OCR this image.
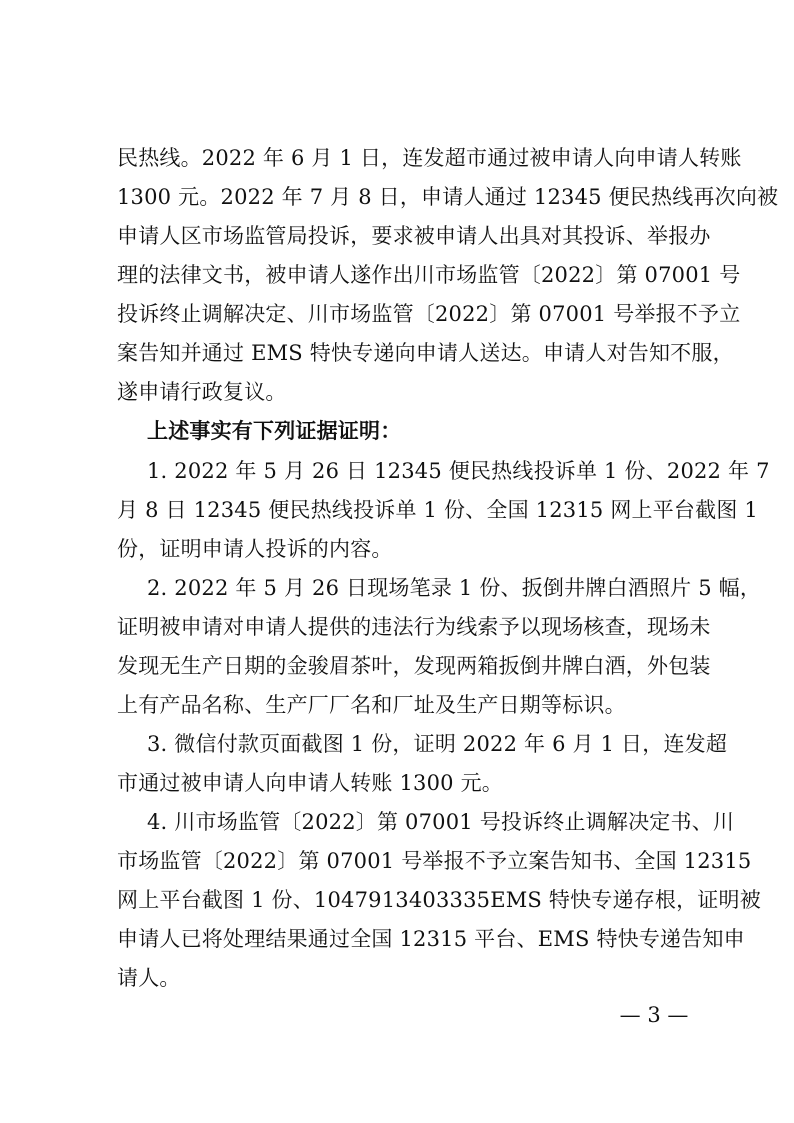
民热线。2022 年 6 月 1 日，连发超市通过被申请人向申请人转账
1300 元。2022 年 7 月 8 日，申请人通过 12345 便民热线再次向被
申请人区市场监管局投诉，要求被申请人出具对其投诉、举报办
理的法律文书，被申请人遂作出川市场监管〔2022〕第 07001 号
投诉终止调解决定、川市场监管〔2022〕第 07001 号举报不予立
案告知并通过 EMS 特快专递向申请人送达。申请人对告知不服，
遂申请行政复议。
上述事实有下列证据证明：
1. 2022 年 5 月 26 日 12345 便民热线投诉单 1 份、2022 年 7
月 8 日 12345 便民热线投诉单 1 份、全国 12315 网上平台截图 1
份，证明申请人投诉的内容。
2. 2022 年 5 月 26 日现场笔录 1 份、扳倒井牌白酒照片 5 幅，
证明被申请对申请人提供的违法行为线索予以现场核查，现场未
发现无生产日期的金骏眉茶叶，发现两箱扳倒井牌白酒，外包装
上有产品名称、生产厂厂名和厂址及生产日期等标识。
3. 微信付款页面截图 1 份，证明 2022 年 6 月 1 日，连发超
市通过被申请人向申请人转账 1300 元。
4. 川市场监管〔2022〕第 07001 号投诉终止调解决定书、川
市场监管〔2022〕第 07001 号举报不予立案告知书、全国 12315
网上平台截图 1 份、1047913403335EMS 特快专递存根，证明被
申请人已将处理结果通过全国 12315 平台、EMS 特快专递告知申
请人。
— 3 —
